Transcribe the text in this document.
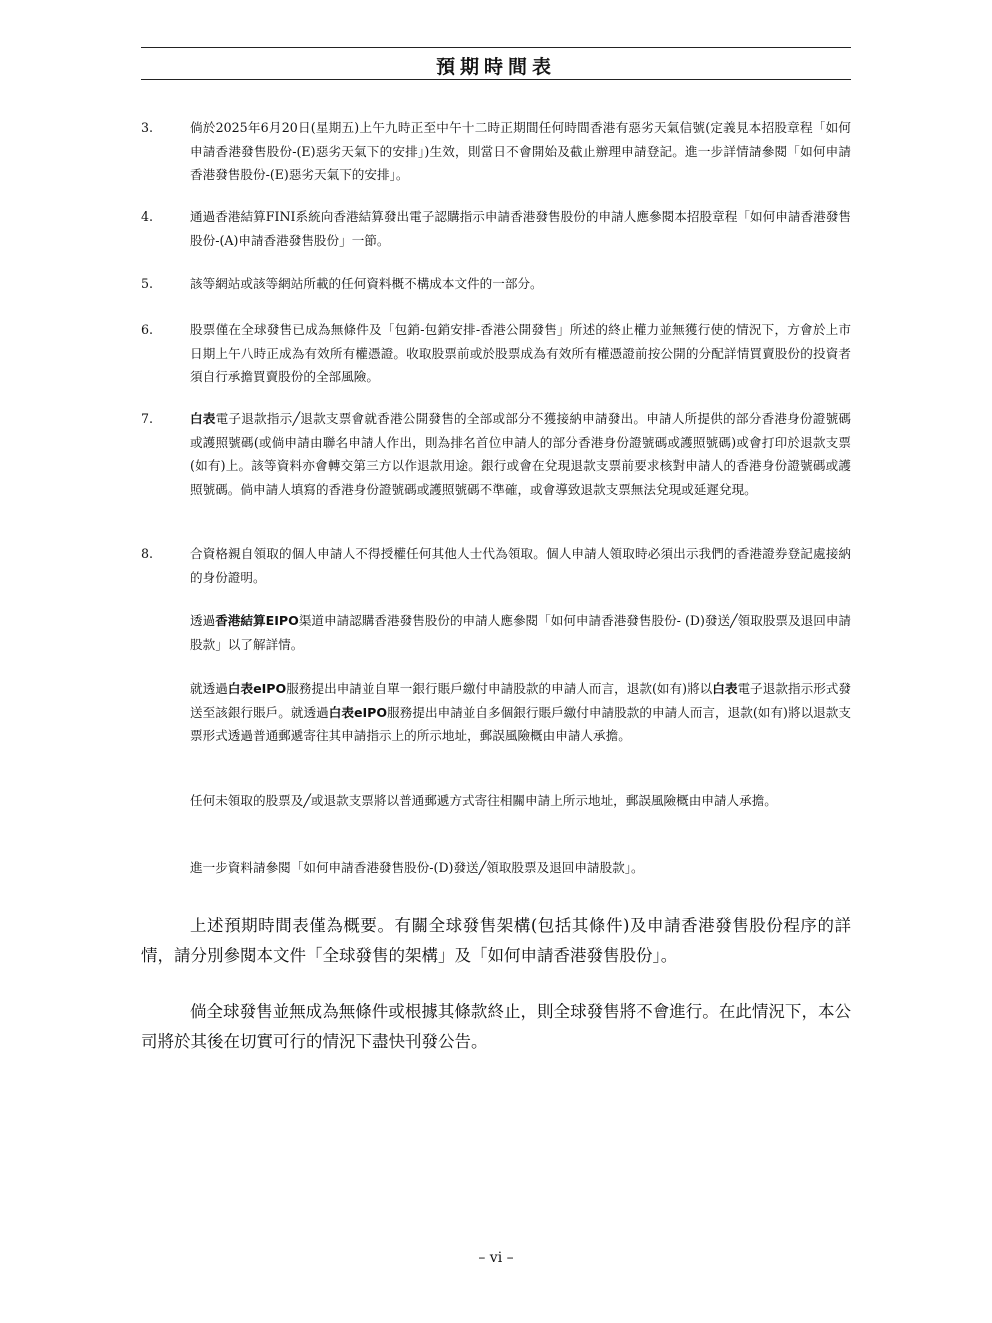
預期時間表
3.	倘於2025年6月20日(星期五)上午九時正至中午十二時正期間任何時間香港有惡劣天氣信號(定義見本招股章程「如何申請香港發售股份-(E)惡劣天氣下的安排」)生效，則當日不會開始及截止辦理申請登記。進一步詳情請參閱「如何申請香港發售股份-(E)惡劣天氣下的安排」。
4.	通過香港結算FINI系統向香港結算發出電子認購指示申請香港發售股份的申請人應參閱本招股章程「如何申請香港發售股份-(A)申請香港發售股份」一節。
5.	該等網站或該等網站所載的任何資料概不構成本文件的一部分。
6.	股票僅在全球發售已成為無條件及「包銷-包銷安排-香港公開發售」所述的終止權力並無獲行使的情況下，方會於上市日期上午八時正成為有效所有權憑證。收取股票前或於股票成為有效所有權憑證前按公開的分配詳情買賣股份的投資者須自行承擔買賣股份的全部風險。
7.	白表電子退款指示╱退款支票會就香港公開發售的全部或部分不獲接納申請發出。申請人所提供的部分香港身份證號碼或護照號碼(或倘申請由聯名申請人作出，則為排名首位申請人的部分香港身份證號碼或護照號碼)或會打印於退款支票(如有)上。該等資料亦會轉交第三方以作退款用途。銀行或會在兌現退款支票前要求核對申請人的香港身份證號碼或護照號碼。倘申請人填寫的香港身份證號碼或護照號碼不準確，或會導致退款支票無法兌現或延遲兌現。
8.	合資格親自領取的個人申請人不得授權任何其他人士代為領取。個人申請人領取時必須出示我們的香港證券登記處接納的身份證明。
透過香港結算EIPO渠道申請認購香港發售股份的申請人應參閱「如何申請香港發售股份- (D)發送╱領取股票及退回申請股款」以了解詳情。
就透過白表eIPO服務提出申請並自單一銀行賬戶繳付申請股款的申請人而言，退款(如有)將以白表電子退款指示形式發送至該銀行賬戶。就透過白表eIPO服務提出申請並自多個銀行賬戶繳付申請股款的申請人而言，退款(如有)將以退款支票形式透過普通郵遞寄往其申請指示上的所示地址，郵誤風險概由申請人承擔。
任何未領取的股票及╱或退款支票將以普通郵遞方式寄往相關申請上所示地址，郵誤風險概由申請人承擔。
進一步資料請參閱「如何申請香港發售股份-(D)發送╱領取股票及退回申請股款」。
上述預期時間表僅為概要。有關全球發售架構(包括其條件)及申請香港發售股份程序的詳情，請分別參閱本文件「全球發售的架構」及「如何申請香港發售股份」。
倘全球發售並無成為無條件或根據其條款終止，則全球發售將不會進行。在此情況下，本公司將於其後在切實可行的情況下盡快刊發公告。
– vi –
